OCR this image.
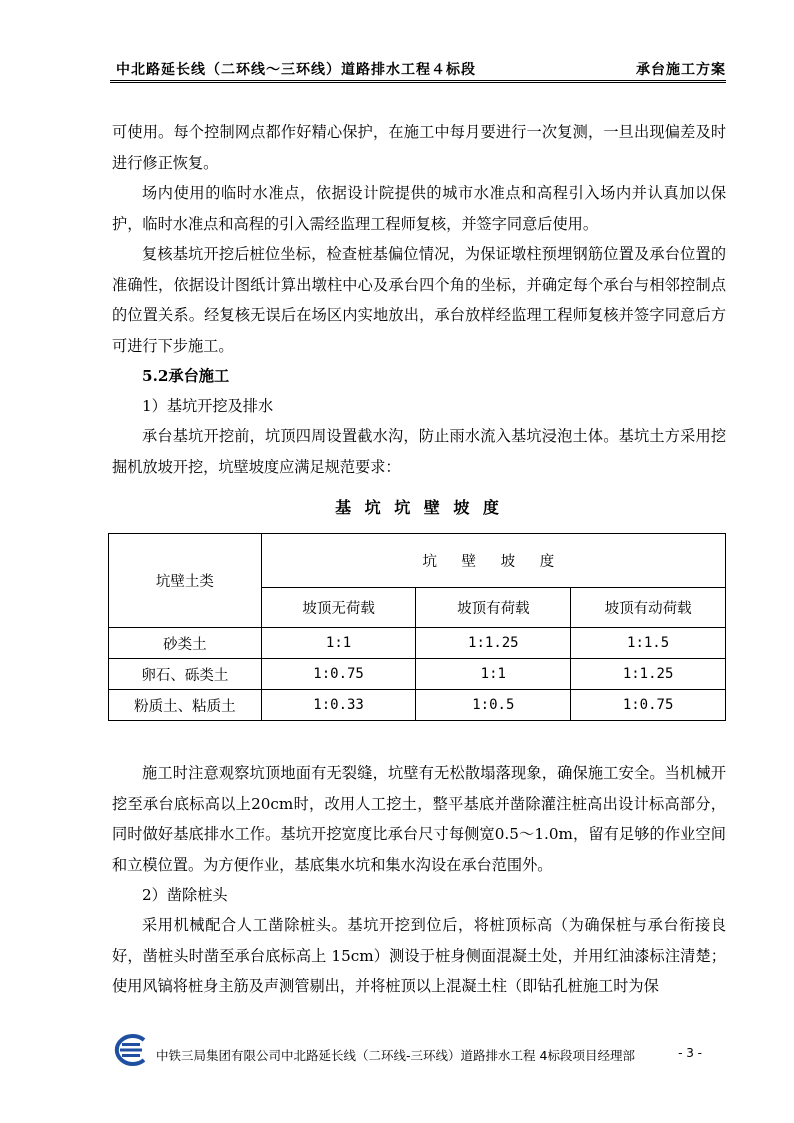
中北路延长线（二环线～三环线）道路排水工程４标段	承台施工方案

可使用。每个控制网点都作好精心保护，在施工中每月要进行一次复测，一旦出现偏差及时进行修正恢复。

场内使用的临时水准点，依据设计院提供的城市水准点和高程引入场内并认真加以保护，临时水准点和高程的引入需经监理工程师复核，并签字同意后使用。

复核基坑开挖后桩位坐标，检查桩基偏位情况，为保证墩柱预埋钢筋位置及承台位置的准确性，依据设计图纸计算出墩柱中心及承台四个角的坐标，并确定每个承台与相邻控制点的位置关系。经复核无误后在场区内实地放出，承台放样经监理工程师复核并签字同意后方可进行下步施工。

5.2承台施工

1）基坑开挖及排水

承台基坑开挖前，坑顶四周设置截水沟，防止雨水流入基坑浸泡土体。基坑土方采用挖掘机放坡开挖，坑壁坡度应满足规范要求：

基 坑 坑 壁 坡 度

坑壁土类	坑 壁 坡 度		
	坡顶无荷载	坡顶有荷载	坡顶有动荷载
砂类土	1:1	1:1.25	1:1.5
卵石、砾类土	1:0.75	1:1	1:1.25
粉质土、粘质土	1:0.33	1:0.5	1:0.75

施工时注意观察坑顶地面有无裂缝，坑壁有无松散塌落现象，确保施工安全。当机械开挖至承台底标高以上20cm时，改用人工挖土，整平基底并凿除灌注桩高出设计标高部分，同时做好基底排水工作。基坑开挖宽度比承台尺寸每侧宽0.5～1.0m，留有足够的作业空间和立模位置。为方便作业，基底集水坑和集水沟设在承台范围外。

2）凿除桩头

采用机械配合人工凿除桩头。基坑开挖到位后，将桩顶标高（为确保桩与承台衔接良好，凿桩头时凿至承台底标高上 15cm）测设于桩身侧面混凝土处，并用红油漆标注清楚；使用风镐将桩身主筋及声测管剔出，并将桩顶以上混凝土柱（即钻孔桩施工时为保

中铁三局集团有限公司中北路延长线（二环线-三环线）道路排水工程 4标段项目经理部	- 3 -
